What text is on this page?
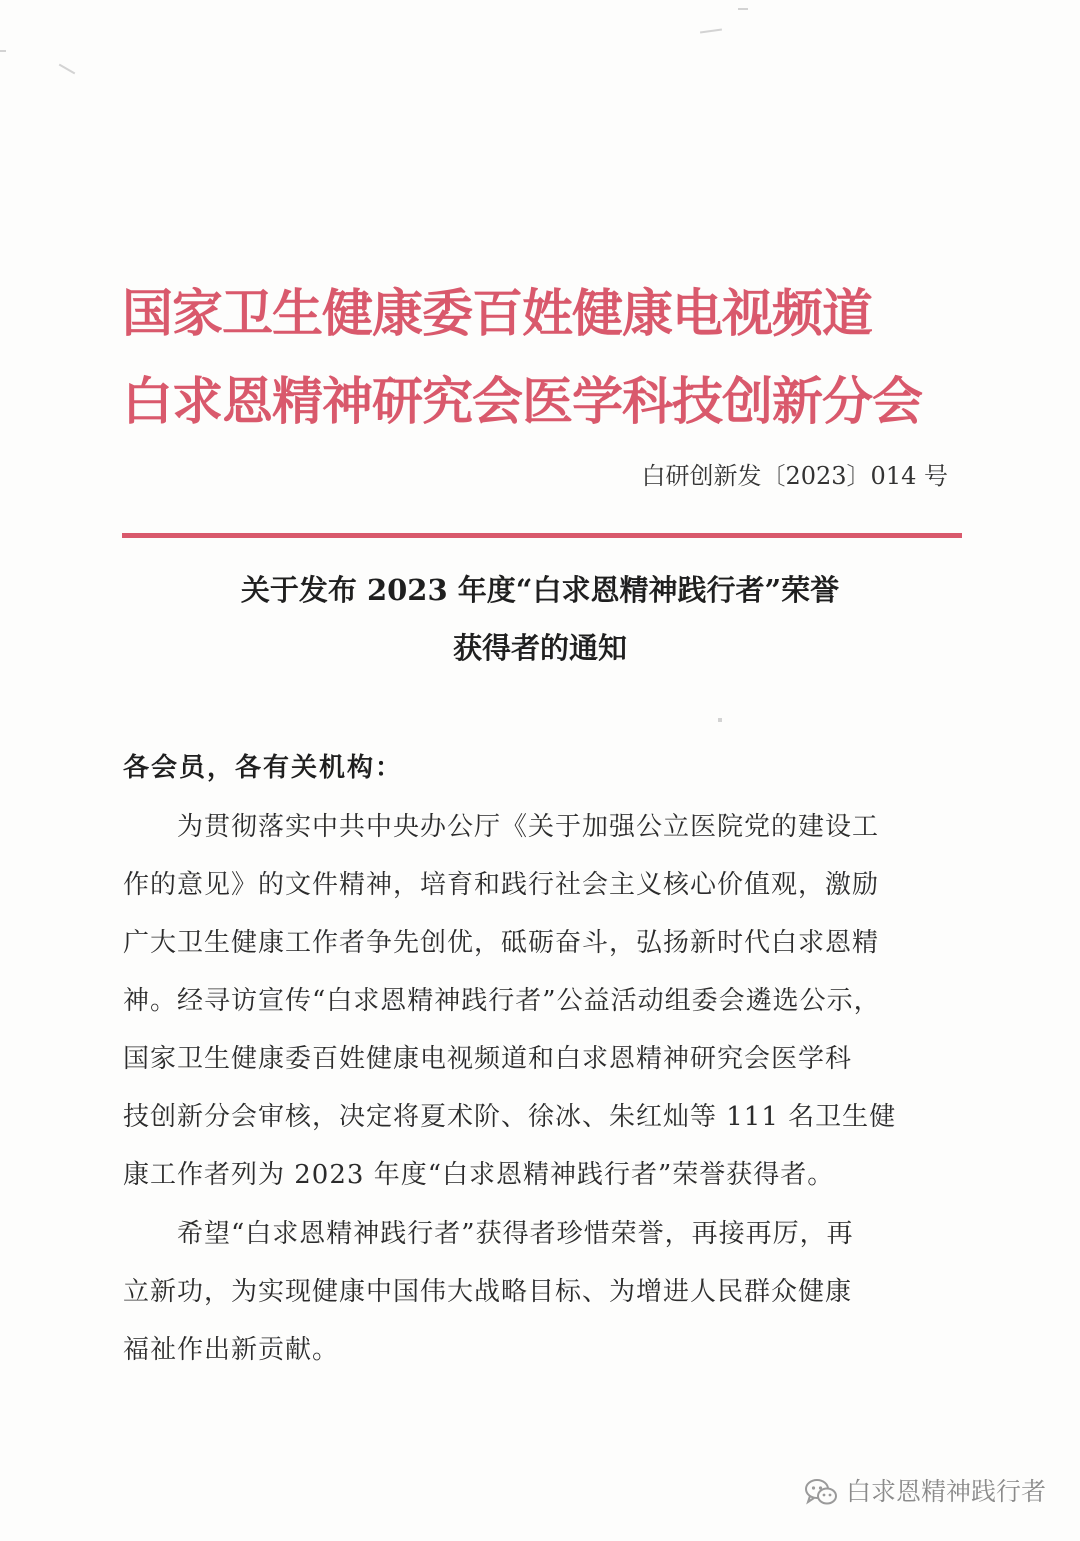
国家卫生健康委百姓健康电视频道
白求恩精神研究会医学科技创新分会
白研创新发〔2023〕014 号
关于发布 2023 年度“白求恩精神践行者”荣誉
获得者的通知
各会员，各有关机构：
　　为贯彻落实中共中央办公厅《关于加强公立医院党的建设工
作的意见》的文件精神，培育和践行社会主义核心价值观，激励
广大卫生健康工作者争先创优，砥砺奋斗，弘扬新时代白求恩精
神。经寻访宣传“白求恩精神践行者”公益活动组委会遴选公示，
国家卫生健康委百姓健康电视频道和白求恩精神研究会医学科
技创新分会审核，决定将夏术阶、徐冰、朱红灿等 111 名卫生健
康工作者列为 2023 年度“白求恩精神践行者”荣誉获得者。
　　希望“白求恩精神践行者”获得者珍惜荣誉，再接再厉，再
立新功，为实现健康中国伟大战略目标、为增进人民群众健康
福祉作出新贡献。
白求恩精神践行者
